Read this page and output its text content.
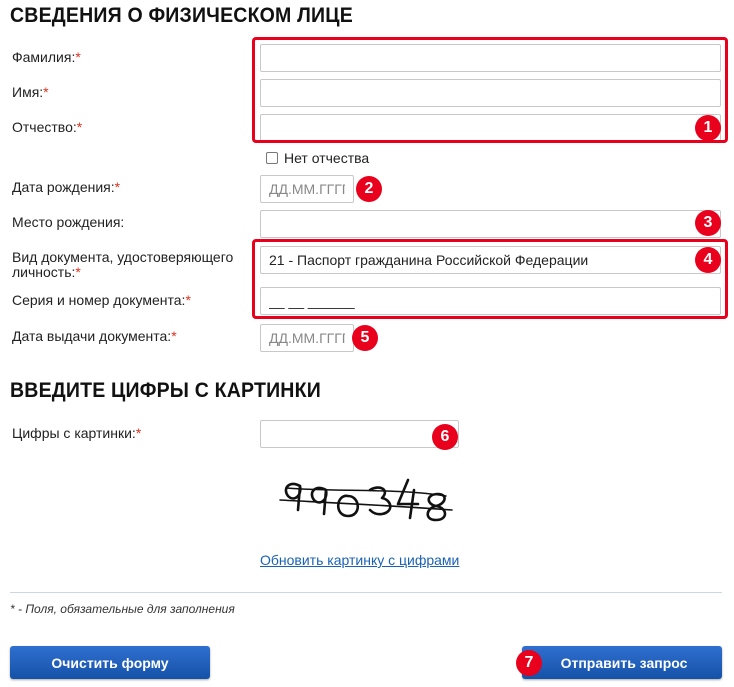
СВЕДЕНИЯ О ФИЗИЧЕСКОМ ЛИЦЕ
Фамилия:*
Имя:*
Отчество:*	1
Нет отчества
Дата рождения:*
ДД.ММ.ГГГГ	2
Место рождения:	3
Вид документа, удостоверяющего личность:*
21 - Паспорт гражданина Российской Федерации
Серия и номер документа:*
__ __ ______
4
Дата выдачи документа:*
ДД.ММ.ГГГГ	5
ВВЕДИТЕ ЦИФРЫ С КАРТИНКИ
Цифры с картинки:*	6
Обновить картинку с цифрами
* - Поля, обязательные для заполнения
Очистить форму	Отправить запрос
7
